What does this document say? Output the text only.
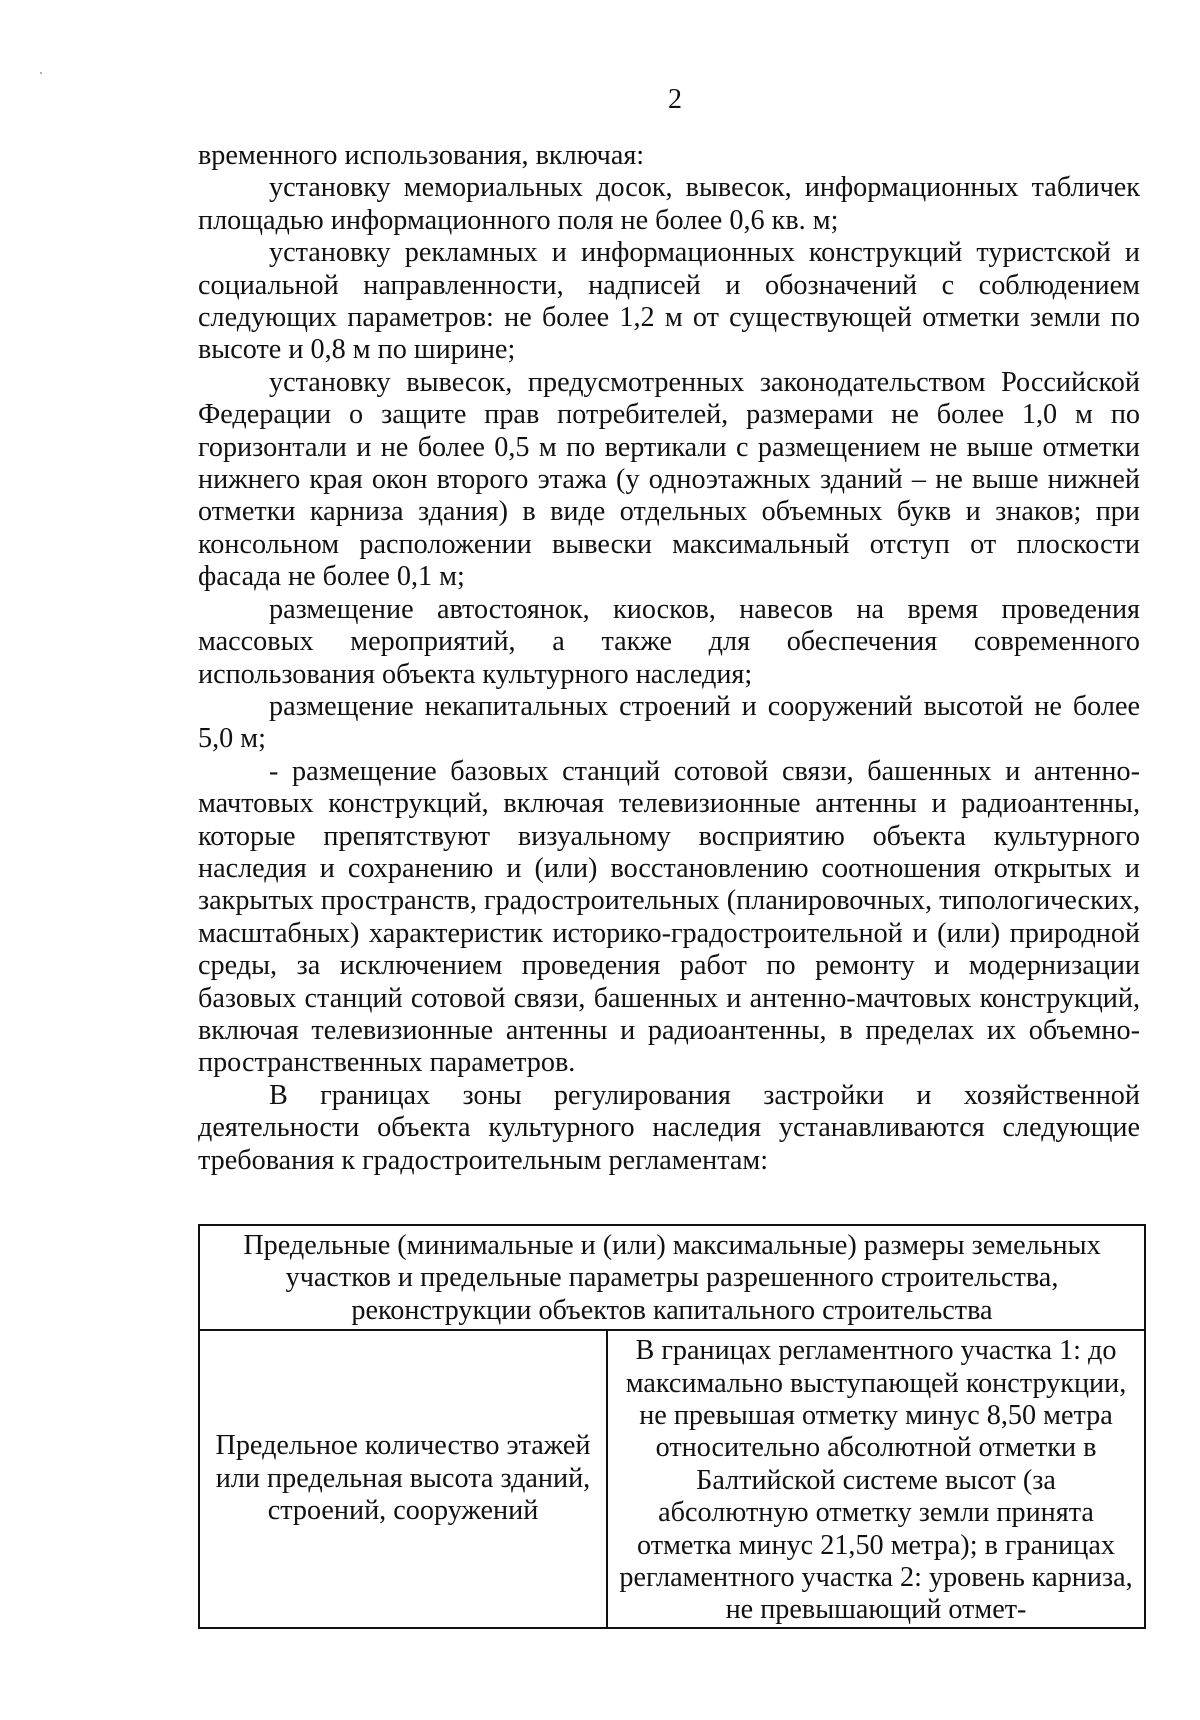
2

временного использования, включая:

установку мемориальных досок, вывесок, информационных табличек площадью информационного поля не более 0,6 кв. м;

установку рекламных и информационных конструкций туристской и социальной направленности, надписей и обозначений с соблюдением следующих параметров: не более 1,2 м от существующей отметки земли по высоте и 0,8 м по ширине;

установку вывесок, предусмотренных законодательством Российской Федерации о защите прав потребителей, размерами не более 1,0 м по горизонтали и не более 0,5 м по вертикали с размещением не выше отметки нижнего края окон второго этажа (у одноэтажных зданий – не выше нижней отметки карниза здания) в виде отдельных объемных букв и знаков; при консольном расположении вывески максимальный отступ от плоскости фасада не более 0,1 м;

размещение автостоянок, киосков, навесов на время проведения массовых мероприятий, а также для обеспечения современного использования объекта культурного наследия;

размещение некапитальных строений и сооружений высотой не более 5,0 м;

- размещение базовых станций сотовой связи, башенных и антенно-мачтовых конструкций, включая телевизионные антенны и радиоантенны, которые препятствуют визуальному восприятию объекта культурного наследия и сохранению и (или) восстановлению соотношения открытых и закрытых пространств, градостроительных (планировочных, типологических, масштабных) характеристик историко-градостроительной и (или) природной среды, за исключением проведения работ по ремонту и модернизации базовых станций сотовой связи, башенных и антенно-мачтовых конструкций, включая телевизионные антенны и радиоантенны, в пределах их объемно-пространственных параметров.

В границах зоны регулирования застройки и хозяйственной деятельности объекта культурного наследия устанавливаются следующие требования к градостроительным регламентам:

Предельные (минимальные и (или) максимальные) размеры земельных участков и предельные параметры разрешенного строительства, реконструкции объектов капитального строительства
Предельное количество этажей или предельная высота зданий, строений, сооружений	В границах регламентного участка 1: до максимально выступающей конструкции, не превышая отметку минус 8,50 метра относительно абсолютной отметки в Балтийской системе высот (за абсолютную отметку земли принята отметка минус 21,50 метра); в границах регламентного участка 2: уровень карниза, не превышающий отмет-
